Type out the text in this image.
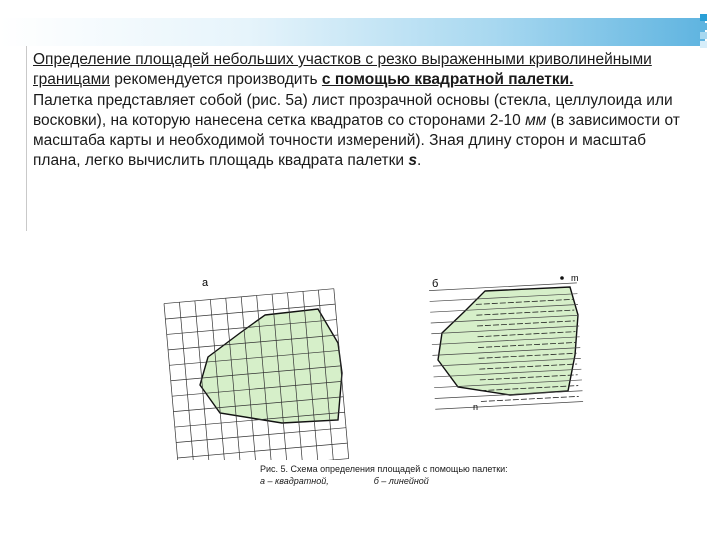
Определение площадей небольших участков с резко выраженными криволинейными границами рекомендуется производить с помощью квадратной палетки.

Палетка представляет собой (рис. 5а) лист прозрачной основы (стекла, целлулоида или восковки), на которую нанесена сетка квадратов со сторонами 2-10 мм (в зависимости от масштаба карты и необходимой точности измерений). Зная длину сторон и масштаб плана, легко вычислить площадь квадрата палетки s.

а	б	m
n
Рис. 5. Схема определения площадей с помощью палетки:
а – квадратной,                  б – линейной
